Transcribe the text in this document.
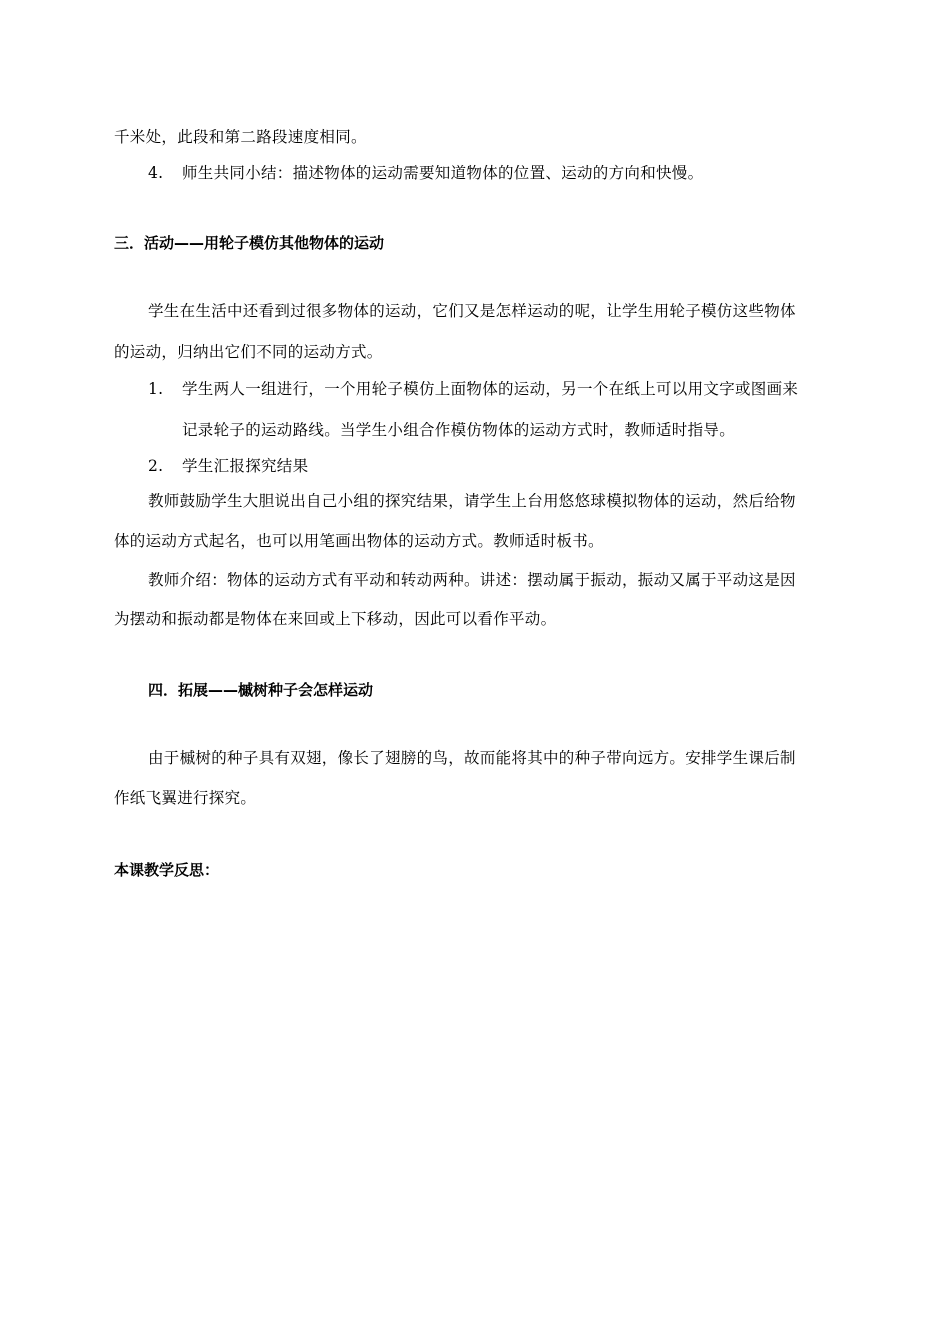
千米处，此段和第二路段速度相同。
4. 师生共同小结：描述物体的运动需要知道物体的位置、运动的方向和快慢。
三．活动——用轮子模仿其他物体的运动
学生在生活中还看到过很多物体的运动，它们又是怎样运动的呢，让学生用轮子模仿这些物体
的运动，归纳出它们不同的运动方式。
1. 学生两人一组进行，一个用轮子模仿上面物体的运动，另一个在纸上可以用文字或图画来
记录轮子的运动路线。当学生小组合作模仿物体的运动方式时，教师适时指导。
2. 学生汇报探究结果
教师鼓励学生大胆说出自己小组的探究结果，请学生上台用悠悠球模拟物体的运动，然后给物
体的运动方式起名，也可以用笔画出物体的运动方式。教师适时板书。
教师介绍：物体的运动方式有平动和转动两种。讲述：摆动属于振动，振动又属于平动这是因
为摆动和振动都是物体在来回或上下移动，因此可以看作平动。
四．拓展——槭树种子会怎样运动
由于槭树的种子具有双翅，像长了翅膀的鸟，故而能将其中的种子带向远方。安排学生课后制
作纸飞翼进行探究。
本课教学反思：
